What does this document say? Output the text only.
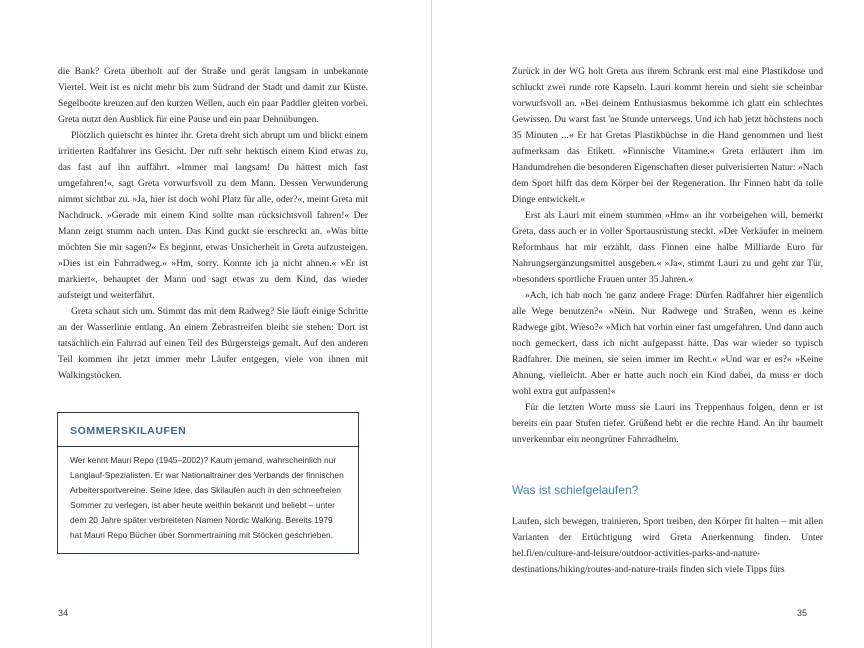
die Bank? Greta überholt auf der Straße und gerät langsam in unbekannte Viertel. Weit ist es nicht mehr bis zum Südrand der Stadt und damit zur Küste. Segelboote kreuzen auf den kurzen Wellen, auch ein paar Paddler gleiten vorbei. Greta nutzt den Ausblick für eine Pause und ein paar Dehnübungen.

Plötzlich quietscht es hinter ihr. Greta dreht sich abrupt um und blickt einem irritierten Radfahrer ins Gesicht. Der ruft sehr hektisch einem Kind etwas zu, das fast auf ihn auffährt. »Immer mal langsam! Du hättest mich fast umgefahren!«, sagt Greta vorwurfsvoll zu dem Mann. Dessen Verwunderung nimmt sichtbar zu. »Ja, hier ist doch wohl Platz für alle, oder?«, meint Greta mit Nachdruck. »Gerade mit einem Kind sollte man rücksichtsvoll fahren!« Der Mann zeigt stumm nach unten. Das Kind guckt sie erschreckt an. »Was bitte möchten Sie mir sagen?« Es beginnt, etwas Unsicherheit in Greta aufzusteigen. »Dies ist ein Fahrradweg.« »Hm, sorry. Konnte ich ja nicht ahnen.« »Er ist markiert«, behauptet der Mann und sagt etwas zu dem Kind, das wieder aufsteigt und weiterfährt.

Greta schaut sich um. Stimmt das mit dem Radweg? Sie läuft einige Schritte an der Wasserlinie entlang. An einem Zebrastreifen bleibt sie stehen: Dort ist tatsächlich ein Fahrrad auf einen Teil des Bürgersteigs gemalt. Auf den anderen Teil kommen ihr jetzt immer mehr Läufer entgegen, viele von ihnen mit Walkingstöcken.

SOMMERSKILAUFEN

Wer kennt Mauri Repo (1945–2002)? Kaum jemand, wahrscheinlich nur Langlauf-Spezialisten. Er war Nationaltrainer des Verbands der finnischen Arbeitersportvereine. Seine Idee, das Skilaufen auch in den schneefreien Sommer zu verlegen, ist aber heute weithin bekannt und beliebt – unter dem 20 Jahre später verbreiteten Namen Nordic Walking. Bereits 1979 hat Mauri Repo Bücher über Sommertraining mit Stöcken geschrieben.

34

Zurück in der WG holt Greta aus ihrem Schrank erst mal eine Plastikdose und schluckt zwei runde rote Kapseln. Lauri kommt herein und sieht sie scheinbar vorwurfsvoll an. »Bei deinem Enthusiasmus bekomme ich glatt ein schlechtes Gewissen. Du warst fast 'ne Stunde unterwegs. Und ich hab jetzt höchstens noch 35 Minuten ...« Er hat Gretas Plastikbüchse in die Hand genommen und liest aufmerksam das Etikett. »Finnische Vitamine.« Greta erläutert ihm im Handumdrehen die besonderen Eigenschaften dieser pulverisierten Natur: »Nach dem Sport hilft das dem Körper bei der Regeneration. Ihr Finnen habt da tolle Dinge entwickelt.«

Erst als Lauri mit einem stummen »Hm« an ihr vorbeigehen will, bemerkt Greta, dass auch er in voller Sportausrüstung steckt. »Der Verkäufer in meinem Reformhaus hat mir erzählt, dass Finnen eine halbe Milliarde Euro für Nahrungsergänzungsmittel ausgeben.« »Ja«, stimmt Lauri zu und geht zur Tür, »besonders sportliche Frauen unter 35 Jahren.«

»Ach, ich hab noch 'ne ganz andere Frage: Dürfen Radfahrer hier eigentlich alle Wege benutzen?« »Nein. Nur Radwege und Straßen, wenn es keine Radwege gibt. Wieso?« »Mich hat vorhin einer fast umgefahren. Und dann auch noch gemeckert, dass ich nicht aufgepasst hätte. Das war wieder so typisch Radfahrer. Die meinen, sie seien immer im Recht.« »Und war er es?« »Keine Ahnung, vielleicht. Aber er hatte auch noch ein Kind dabei, da muss er doch wohl extra gut aufpassen!«

Für die letzten Worte muss sie Lauri ins Treppenhaus folgen, denn er ist bereits ein paar Stufen tiefer. Grüßend hebt er die rechte Hand. An ihr baumelt unverkennbar ein neongrüner Fahrradhelm.

Was ist schiefgelaufen?

Laufen, sich bewegen, trainieren, Sport treiben, den Körper fit halten – mit allen Varianten der Ertüchtigung wird Greta Anerkennung finden. Unter hel.fi/en/culture-and-leisure/outdoor-activities-parks-and-nature-destinations/hiking/routes-and-nature-trails finden sich viele Tipps fürs

35
